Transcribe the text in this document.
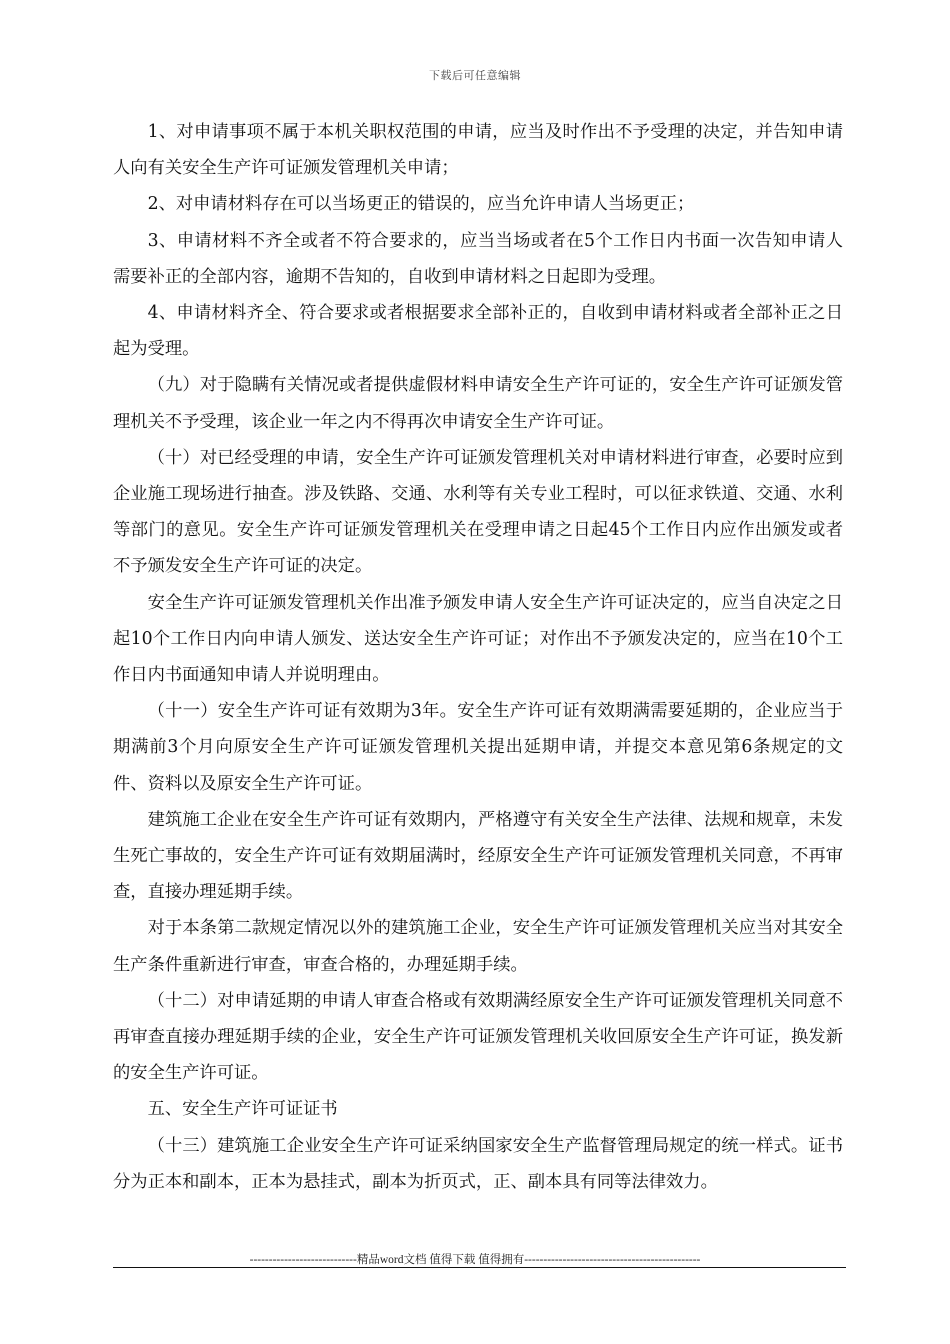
下载后可任意编辑

1、对申请事项不属于本机关职权范围的申请，应当及时作出不予受理的决定，并告知申请人向有关安全生产许可证颁发管理机关申请；

2、对申请材料存在可以当场更正的错误的，应当允许申请人当场更正；

3、申请材料不齐全或者不符合要求的，应当当场或者在5个工作日内书面一次告知申请人需要补正的全部内容，逾期不告知的，自收到申请材料之日起即为受理。

4、申请材料齐全、符合要求或者根据要求全部补正的，自收到申请材料或者全部补正之日起为受理。

（九）对于隐瞒有关情况或者提供虚假材料申请安全生产许可证的，安全生产许可证颁发管理机关不予受理，该企业一年之内不得再次申请安全生产许可证。

（十）对已经受理的申请，安全生产许可证颁发管理机关对申请材料进行审查，必要时应到企业施工现场进行抽查。涉及铁路、交通、水利等有关专业工程时，可以征求铁道、交通、水利等部门的意见。安全生产许可证颁发管理机关在受理申请之日起45个工作日内应作出颁发或者不予颁发安全生产许可证的决定。

安全生产许可证颁发管理机关作出准予颁发申请人安全生产许可证决定的，应当自决定之日起10个工作日内向申请人颁发、送达安全生产许可证；对作出不予颁发决定的，应当在10个工作日内书面通知申请人并说明理由。

（十一）安全生产许可证有效期为3年。安全生产许可证有效期满需要延期的，企业应当于期满前3个月向原安全生产许可证颁发管理机关提出延期申请，并提交本意见第6条规定的文件、资料以及原安全生产许可证。

建筑施工企业在安全生产许可证有效期内，严格遵守有关安全生产法律、法规和规章，未发生死亡事故的，安全生产许可证有效期届满时，经原安全生产许可证颁发管理机关同意，不再审查，直接办理延期手续。

对于本条第二款规定情况以外的建筑施工企业，安全生产许可证颁发管理机关应当对其安全生产条件重新进行审查，审查合格的，办理延期手续。

（十二）对申请延期的申请人审查合格或有效期满经原安全生产许可证颁发管理机关同意不再审查直接办理延期手续的企业，安全生产许可证颁发管理机关收回原安全生产许可证，换发新的安全生产许可证。

五、安全生产许可证证书

（十三）建筑施工企业安全生产许可证采纳国家安全生产监督管理局规定的统一样式。证书分为正本和副本，正本为悬挂式，副本为折页式，正、副本具有同等法律效力。

----------------------------精品word文档 值得下载 值得拥有----------------------------------------------
